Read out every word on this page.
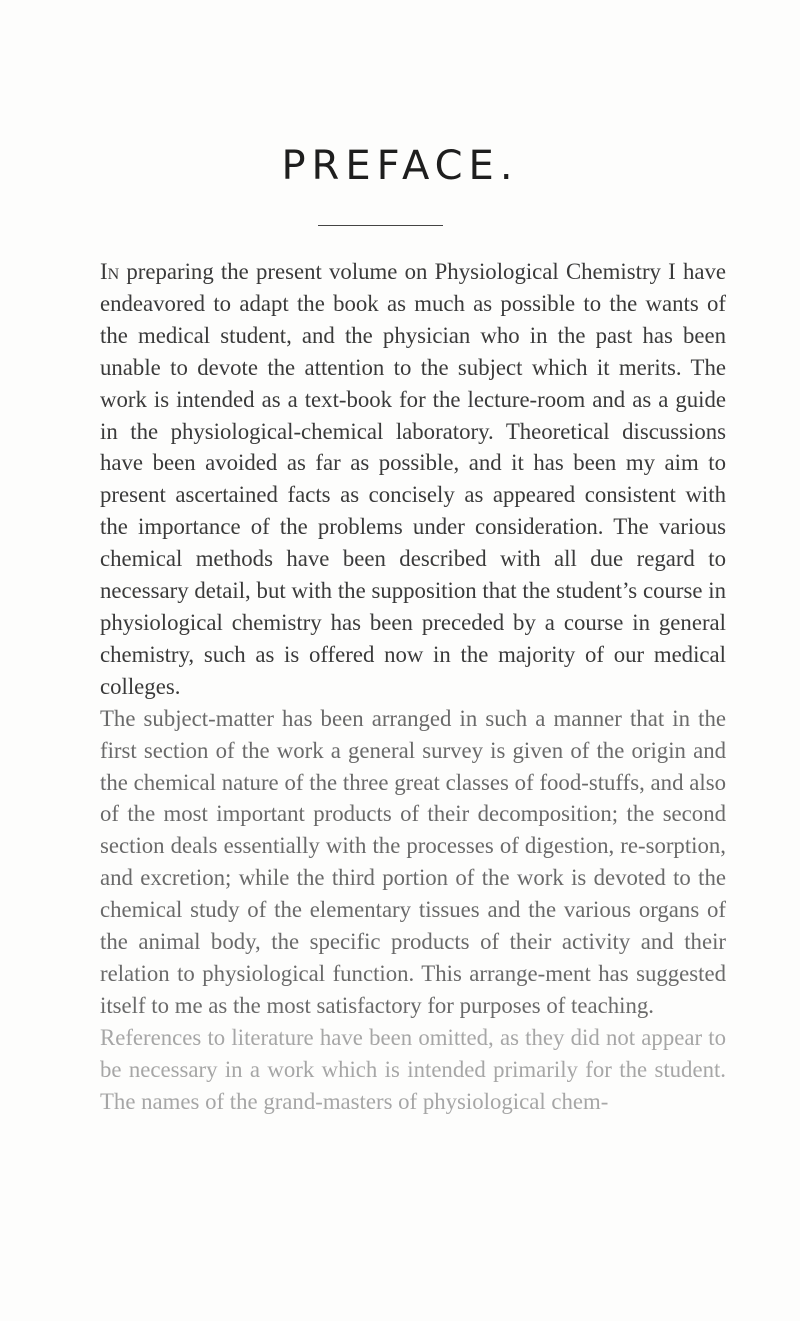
PREFACE.

In preparing the present volume on Physiological Chemistry I have endeavored to adapt the book as much as possible to the wants of the medical student, and the physician who in the past has been unable to devote the attention to the subject which it merits. The work is intended as a text-book for the lecture-room and as a guide in the physiological-chemical laboratory. Theoretical discussions have been avoided as far as possible, and it has been my aim to present ascertained facts as concisely as appeared consistent with the importance of the problems under consideration. The various chemical methods have been described with all due regard to necessary detail, but with the supposition that the student’s course in physiological chemistry has been preceded by a course in general chemistry, such as is offered now in the majority of our medical colleges.

The subject-matter has been arranged in such a manner that in the first section of the work a general survey is given of the origin and the chemical nature of the three great classes of food-stuffs, and also of the most important products of their decomposition; the second section deals essentially with the processes of digestion, re-sorption, and excretion; while the third portion of the work is devoted to the chemical study of the elementary tissues and the various organs of the animal body, the specific products of their activity and their relation to physiological function. This arrange-ment has suggested itself to me as the most satisfactory for purposes of teaching.

References to literature have been omitted, as they did not appear to be necessary in a work which is intended primarily for the student. The names of the grand-masters of physiological chem-
